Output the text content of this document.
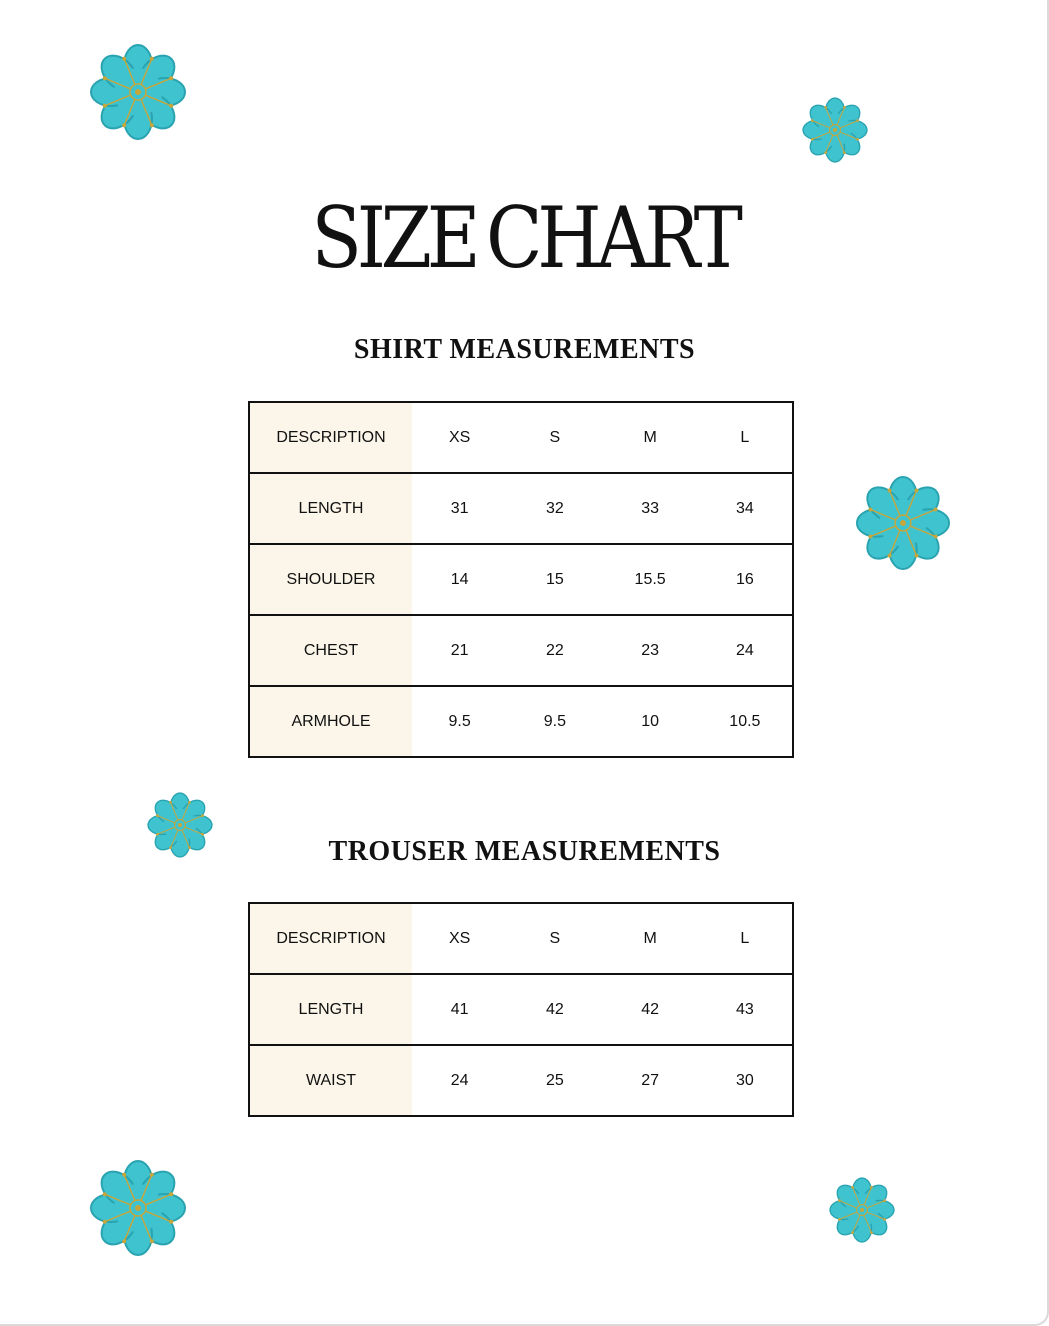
SIZE CHART
SHIRT MEASUREMENTS
DESCRIPTION	XS	S	M	L
LENGTH	31	32	33	34
SHOULDER	14	15	15.5	16
CHEST	21	22	23	24
ARMHOLE	9.5	9.5	10	10.5
TROUSER MEASUREMENTS
DESCRIPTION	XS	S	M	L
LENGTH	41	42	42	43
WAIST	24	25	27	30
